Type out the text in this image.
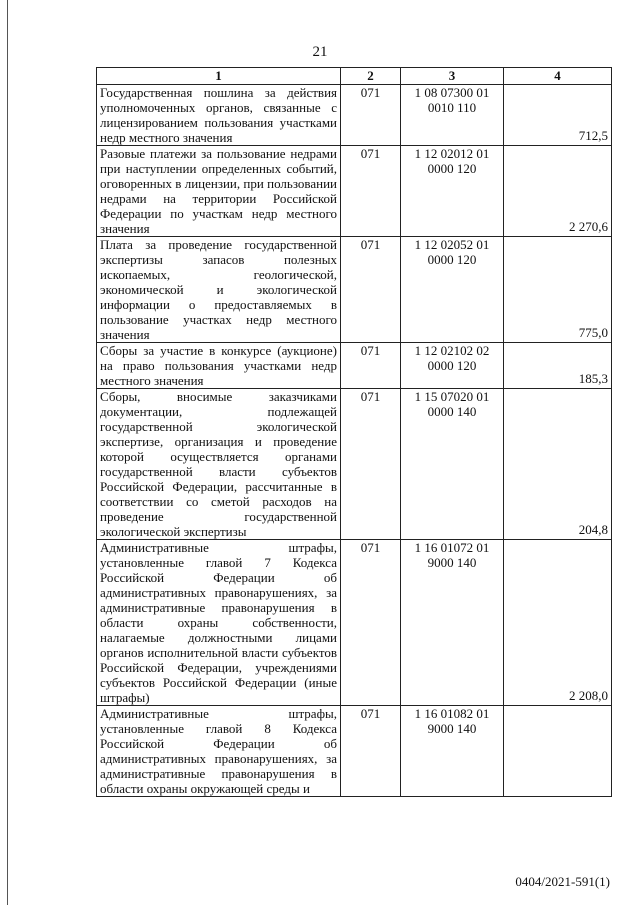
21
1	2	3	4

Государственная пошлина за действия уполномоченных органов, связанные с лицензированием пользования участками недр местного значения	071	1 08 07300 01 0010 110	712,5

Разовые платежи за пользование недрами при наступлении определенных событий, оговоренных в лицензии, при пользовании недрами на территории Российской Федерации по участкам недр местного значения	071	1 12 02012 01 0000 120	2 270,6

Плата за проведение государственной экспертизы запасов полезных ископаемых, геологической, экономической и экологической информации о предоставляемых в пользование участках недр местного значения	071	1 12 02052 01 0000 120	775,0

Сборы за участие в конкурсе (аукционе) на право пользования участками недр местного значения	071	1 12 02102 02 0000 120	185,3

Сборы, вносимые заказчиками документации, подлежащей государственной экологической экспертизе, организация и проведение которой осуществляется органами государственной власти субъектов Российской Федерации, рассчитанные в соответствии со сметой расходов на проведение государственной экологической экспертизы	071	1 15 07020 01 0000 140	204,8

Административные штрафы, установленные главой 7 Кодекса Российской Федерации об административных правонарушениях, за административные правонарушения в области охраны собственности, налагаемые должностными лицами органов исполнительной власти субъектов Российской Федерации, учреждениями субъектов Российской Федерации (иные штрафы)	071	1 16 01072 01 9000 140	2 208,0

Административные штрафы, установленные главой 8 Кодекса Российской Федерации об административных правонарушениях, за административные правонарушения в области охраны окружающей среды и	071	1 16 01082 01 9000 140	
0404/2021-591(1)
